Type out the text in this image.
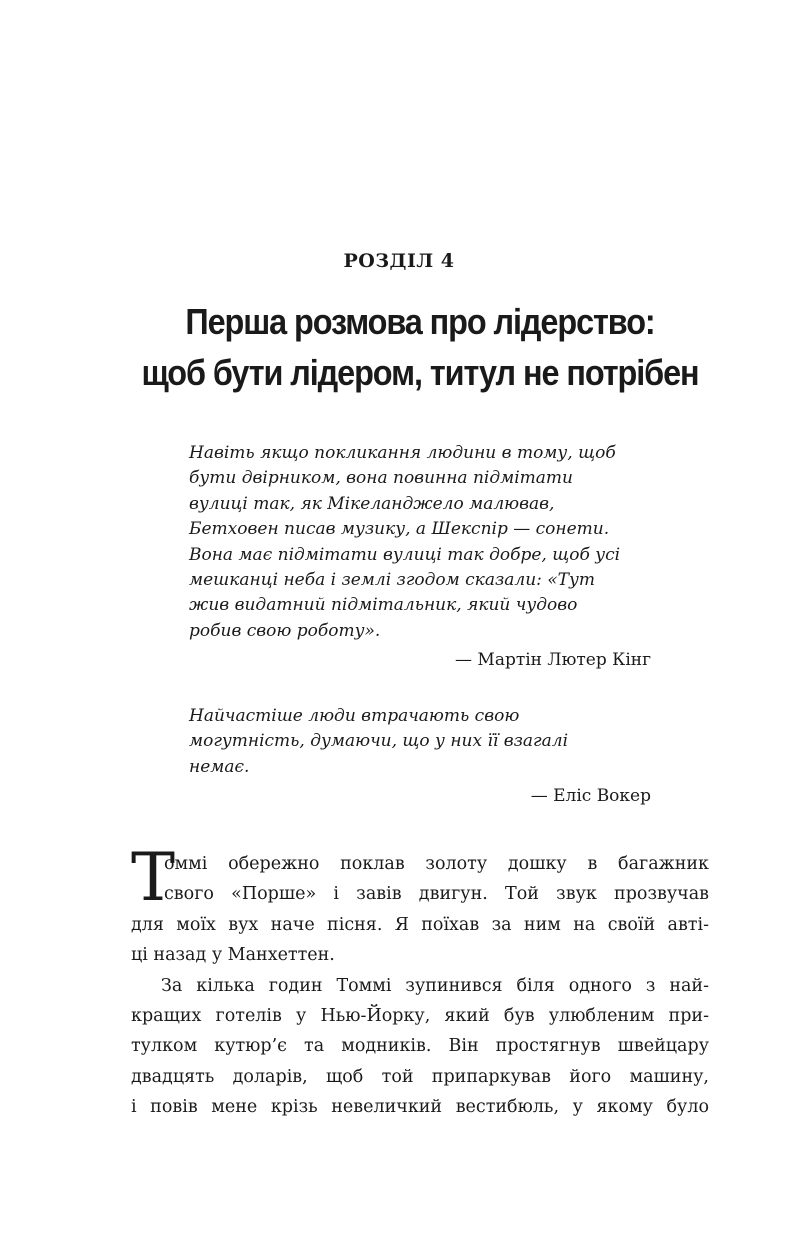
РОЗДІЛ 4
Перша розмова про лідерство:
щоб бути лідером, титул не потрібен

Навіть якщо покликання людини в тому, щоб
бути двірником, вона повинна підмітати
вулиці так, як Мікеланджело малював,
Бетховен писав музику, а Шекспір — сонети.
Вона має підмітати вулиці так добре, щоб усі
мешканці неба і землі згодом сказали: «Тут
жив видатний підмітальник, який чудово
робив свою роботу».

— Мартін Лютер Кінг

Найчастіше люди втрачають свою
могутність, думаючи, що у них її взагалі
немає.

— Еліс Вокер

Т
оммі обережно поклав золоту дошку в багажник
свого «Порше» і завів двигун. Той звук прозвучав
для моїх вух наче пісня. Я поїхав за ним на своїй авті-
ці назад у Манхеттен.

За кілька годин Томмі зупинився біля одного з най-
кращих готелів у Нью-Йорку, який був улюбленим при-
тулком кутюр’є та модників. Він простягнув швейцару
двадцять доларів, щоб той припаркував його машину,
і повів мене крізь невеличкий вестибюль, у якому було
